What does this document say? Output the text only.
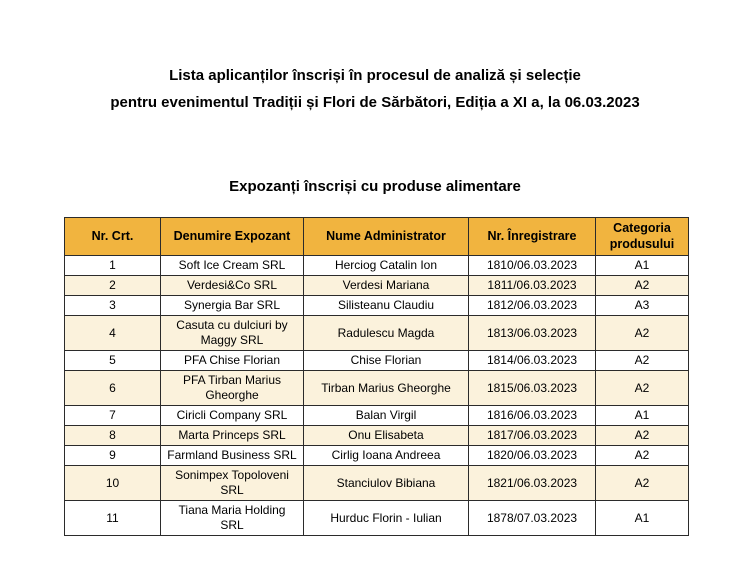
Lista aplicanților înscriși în procesul de analiză și selecție
pentru evenimentul Tradiții și Flori de Sărbători, Ediția a XI a, la 06.03.2023
Expozanți înscriși cu produse alimentare
Nr. Crt.	Denumire Expozant	Nume Administrator	Nr. Înregistrare	Categoria produsului
1	Soft Ice Cream SRL	Herciog Catalin Ion	1810/06.03.2023	A1
2	Verdesi&Co SRL	Verdesi Mariana	1811/06.03.2023	A2
3	Synergia Bar SRL	Silisteanu Claudiu	1812/06.03.2023	A3
4	Casuta cu dulciuri by Maggy SRL	Radulescu Magda	1813/06.03.2023	A2
5	PFA Chise Florian	Chise Florian	1814/06.03.2023	A2
6	PFA Tirban Marius Gheorghe	Tirban Marius Gheorghe	1815/06.03.2023	A2
7	Ciricli Company SRL	Balan Virgil	1816/06.03.2023	A1
8	Marta Princeps SRL	Onu Elisabeta	1817/06.03.2023	A2
9	Farmland Business SRL	Cirlig Ioana Andreea	1820/06.03.2023	A2
10	Sonimpex Topoloveni SRL	Stanciulov Bibiana	1821/06.03.2023	A2
11	Tiana Maria Holding SRL	Hurduc Florin - Iulian	1878/07.03.2023	A1
